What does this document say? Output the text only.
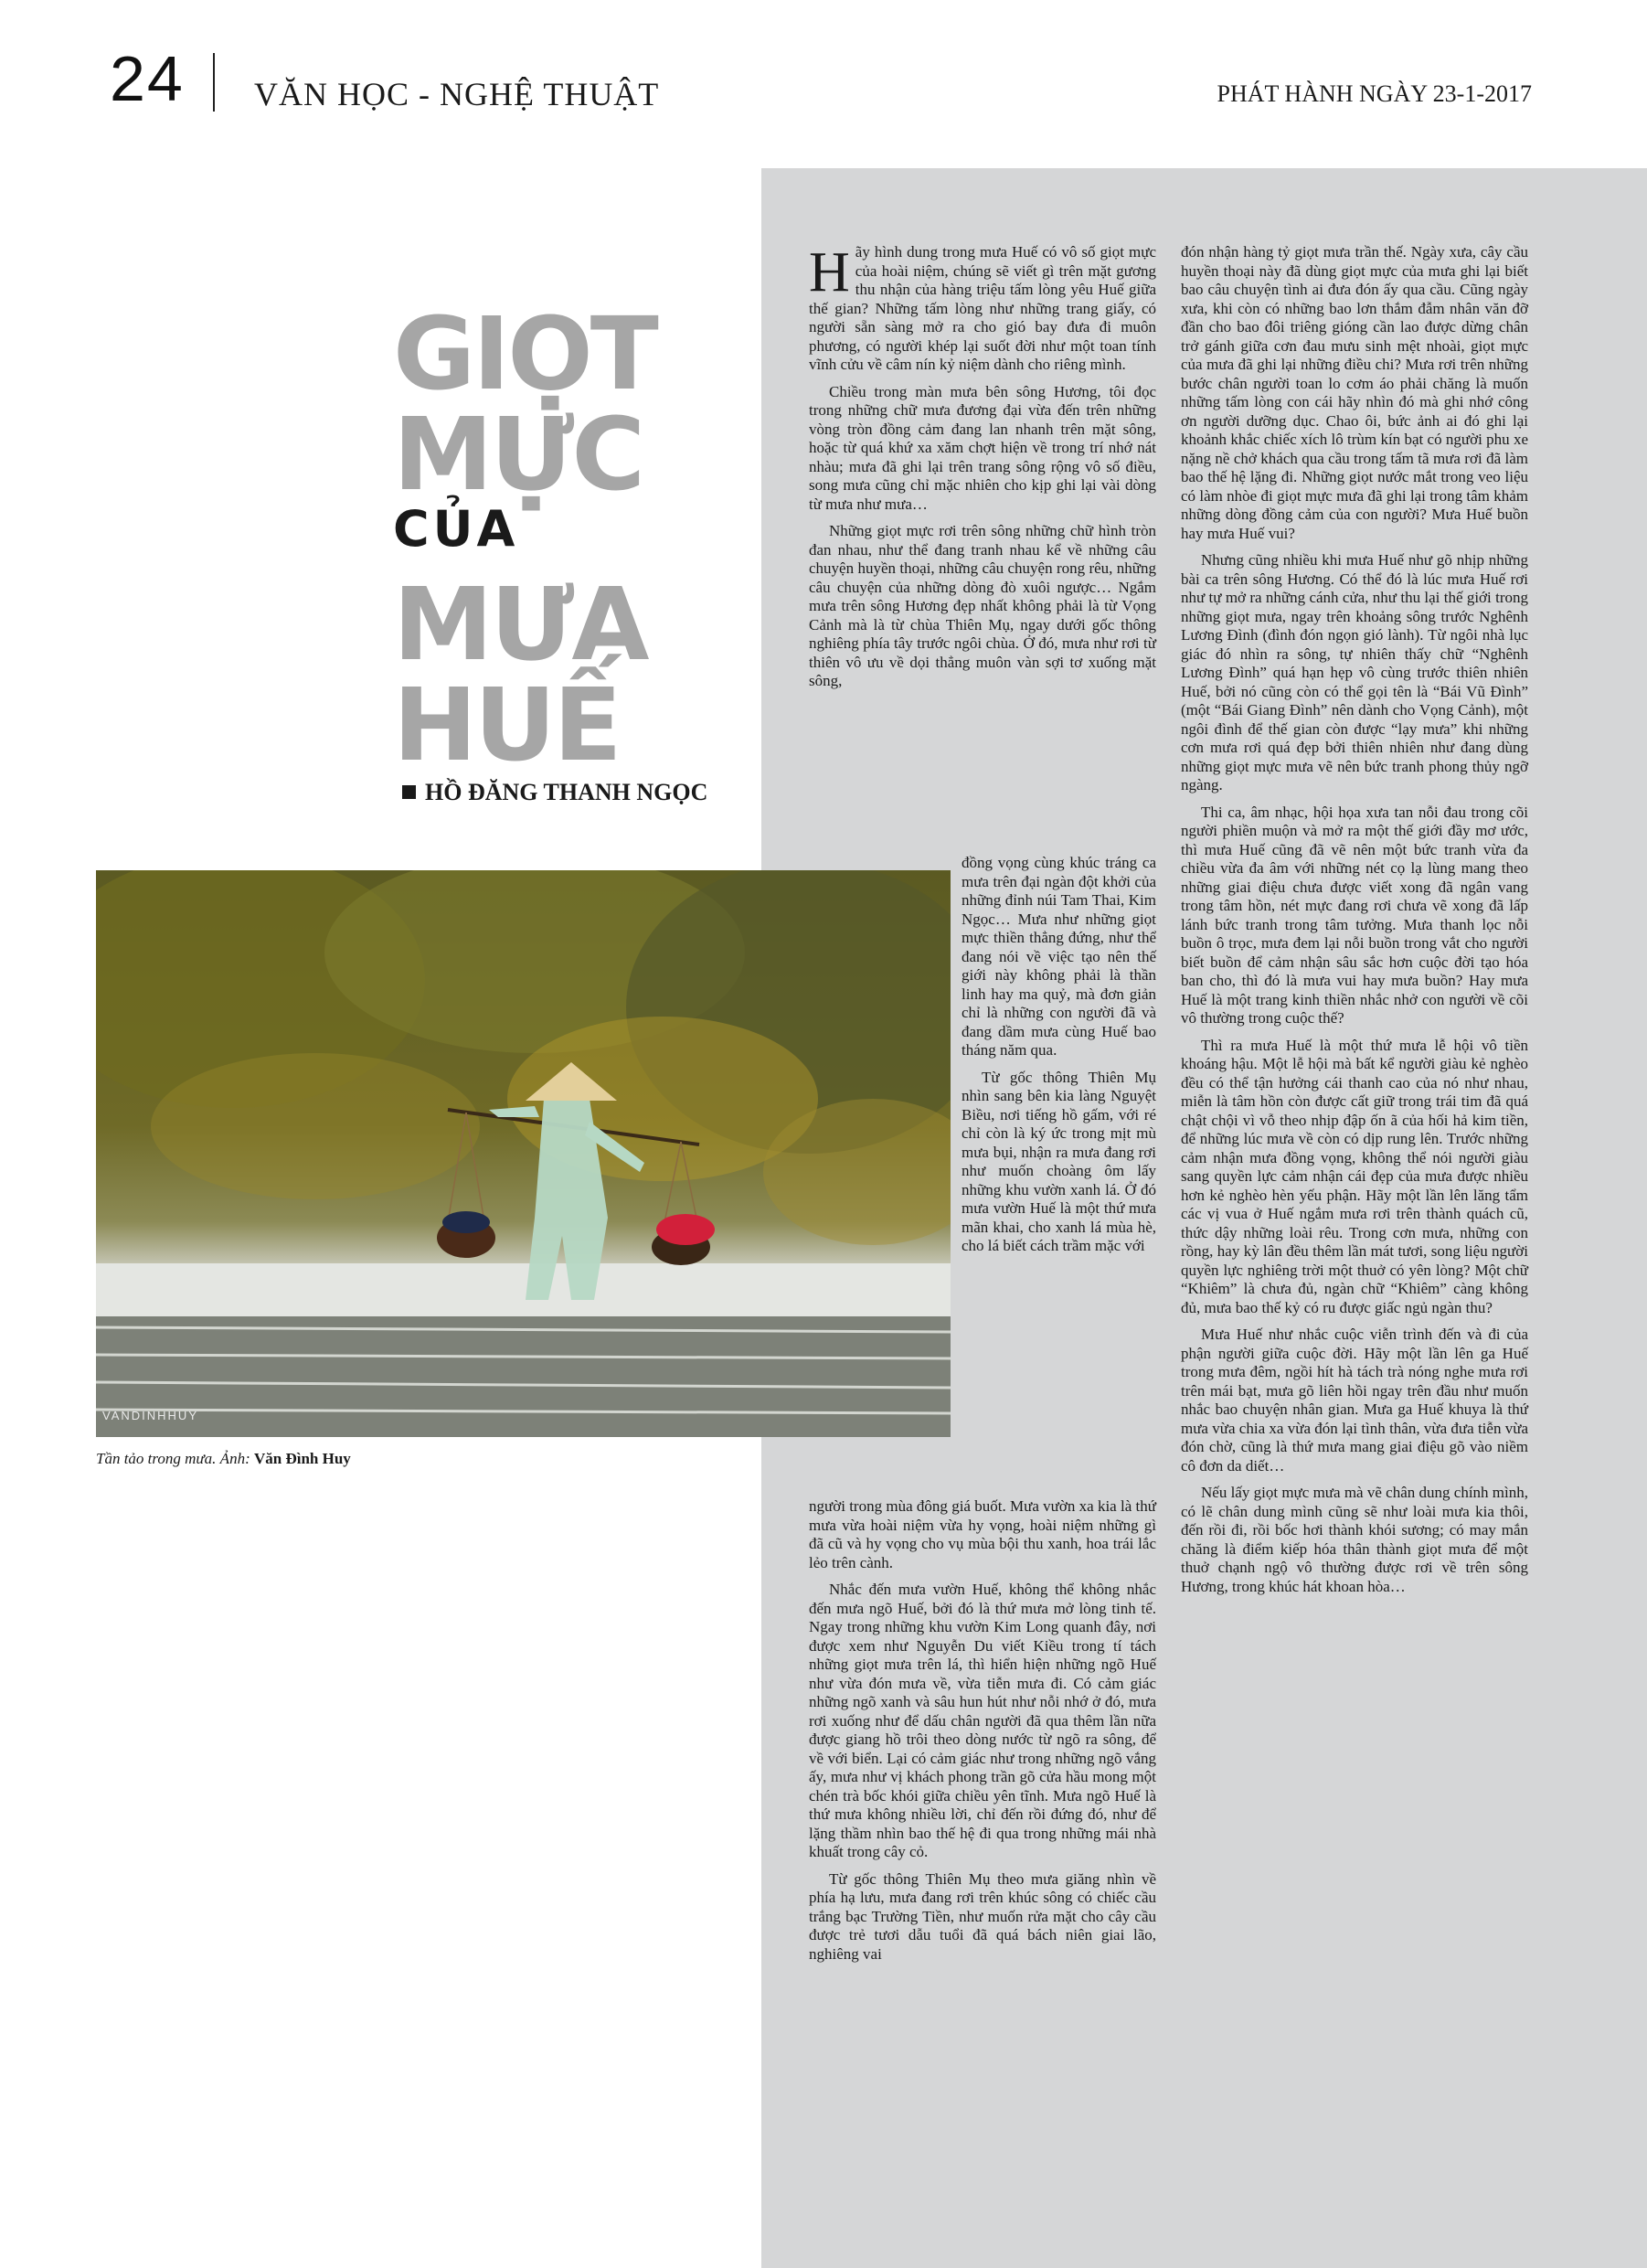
24 VĂN HỌC - NGHỆ THUẬT	PHÁT HÀNH NGÀY 23-1-2017
GIỌT
MỰC
CỦA
MƯA
HUẾ
HỒ ĐĂNG THANH NGỌC
VANDINHHUY
Tần tảo trong mưa. Ảnh: Văn Đình Huy
H ãy hình dung trong mưa Huế có vô số giọt mực của hoài niệm, chúng sẽ viết gì trên mặt gương thu nhận của hàng triệu tấm lòng yêu Huế giữa thế gian? Những tấm lòng như những trang giấy, có người sẵn sàng mở ra cho gió bay đưa đi muôn phương, có người khép lại suốt đời như một toan tính vĩnh cửu về câm nín kỷ niệm dành cho riêng mình.

Chiều trong màn mưa bên sông Hương, tôi đọc trong những chữ mưa đương đại vừa đến trên những vòng tròn đồng cảm đang lan nhanh trên mặt sông, hoặc từ quá khứ xa xăm chợt hiện về trong trí nhớ nát nhàu; mưa đã ghi lại trên trang sông rộng vô số điều, song mưa cũng chỉ mặc nhiên cho kịp ghi lại vài dòng từ mưa như mưa…

Những giọt mực rơi trên sông những chữ hình tròn đan nhau, như thể đang tranh nhau kể về những câu chuyện huyền thoại, những câu chuyện rong rêu, những câu chuyện của những dòng đò xuôi ngược… Ngắm mưa trên sông Hương đẹp nhất không phải là từ Vọng Cảnh mà là từ chùa Thiên Mụ, ngay dưới gốc thông nghiêng phía tây trước ngôi chùa. Ở đó, mưa như rơi từ thiên vô ưu về dọi thẳng muôn vàn sợi tơ xuống mặt sông,

đồng vọng cùng khúc tráng ca mưa trên đại ngàn đột khởi của những đỉnh núi Tam Thai, Kim Ngọc… Mưa như những giọt mực thiền thẳng đứng, như thể đang nói về việc tạo nên thế giới này không phải là thần linh hay ma quỷ, mà đơn giản chỉ là những con người đã và đang dầm mưa cùng Huế bao tháng năm qua.

Từ gốc thông Thiên Mụ nhìn sang bên kia làng Nguyệt Biều, nơi tiếng hồ gấm, với ré chỉ còn là ký ức trong mịt mù mưa bụi, nhận ra mưa đang rơi như muốn choàng ôm lấy những khu vườn xanh lá. Ở đó mưa vườn Huế là một thứ mưa mãn khai, cho xanh lá mùa hè, cho lá biết cách trầm mặc với

người trong mùa đông giá buốt. Mưa vườn xa kia là thứ mưa vừa hoài niệm vừa hy vọng, hoài niệm những gì đã cũ và hy vọng cho vụ mùa bội thu xanh, hoa trái lắc lẻo trên cành.

Nhắc đến mưa vườn Huế, không thể không nhắc đến mưa ngõ Huế, bởi đó là thứ mưa mở lòng tinh tế. Ngay trong những khu vườn Kim Long quanh đây, nơi được xem như Nguyễn Du viết Kiều trong tí tách những giọt mưa trên lá, thì hiển hiện những ngõ Huế như vừa đón mưa về, vừa tiễn mưa đi. Có cảm giác những ngõ xanh và sâu hun hút như nỗi nhớ ở đó, mưa rơi xuống như để dấu chân người đã qua thêm lần nữa được giang hồ trôi theo dòng nước từ ngõ ra sông, để về với biển. Lại có cảm giác như trong những ngõ vắng ấy, mưa như vị khách phong trần gõ cửa hầu mong một chén trà bốc khói giữa chiều yên tĩnh. Mưa ngõ Huế là thứ mưa không nhiều lời, chỉ đến rồi đứng đó, như để lặng thầm nhìn bao thế hệ đi qua trong những mái nhà khuất trong cây cỏ.

Từ gốc thông Thiên Mụ theo mưa giăng nhìn về phía hạ lưu, mưa đang rơi trên khúc sông có chiếc cầu trắng bạc Trường Tiền, như muốn rửa mặt cho cây cầu được trẻ tươi dẫu tuổi đã quá bách niên giai lão, nghiêng vai

đón nhận hàng tỷ giọt mưa trần thế. Ngày xưa, cây cầu huyền thoại này đã dùng giọt mực của mưa ghi lại biết bao câu chuyện tình ai đưa đón ấy qua cầu. Cũng ngày xưa, khi còn có những bao lơn thắm đẫm nhân văn đỡ đần cho bao đôi triêng gióng cần lao được dừng chân trở gánh giữa cơn đau mưu sinh mệt nhoài, giọt mực của mưa đã ghi lại những điều chi? Mưa rơi trên những bước chân người toan lo cơm áo phải chăng là muốn những tấm lòng con cái hãy nhìn đó mà ghi nhớ công ơn người dưỡng dục. Chao ôi, bức ảnh ai đó ghi lại khoảnh khắc chiếc xích lô trùm kín bạt có người phu xe nặng nề chở khách qua cầu trong tấm tã mưa rơi đã làm bao thế hệ lặng đi. Những giọt nước mắt trong veo liệu có làm nhòe đi giọt mực mưa đã ghi lại trong tâm khảm những dòng đồng cảm của con người? Mưa Huế buồn hay mưa Huế vui?

Nhưng cũng nhiều khi mưa Huế như gõ nhịp những bài ca trên sông Hương. Có thể đó là lúc mưa Huế rơi như tự mở ra những cánh cửa, như thu lại thế giới trong những giọt mưa, ngay trên khoảng sông trước Nghênh Lương Đình (đình đón ngọn gió lành). Từ ngôi nhà lục giác đó nhìn ra sông, tự nhiên thấy chữ “Nghênh Lương Đình” quá hạn hẹp vô cùng trước thiên nhiên Huế, bởi nó cũng còn có thể gọi tên là “Bái Vũ Đình” (một “Bái Giang Đình” nên dành cho Vọng Cảnh), một ngôi đình để thế gian còn được “lạy mưa” khi những cơn mưa rơi quá đẹp bởi thiên nhiên như đang dùng những giọt mực mưa vẽ nên bức tranh phong thủy ngỡ ngàng.

Thi ca, âm nhạc, hội họa xưa tan nỗi đau trong cõi người phiền muộn và mở ra một thế giới đầy mơ ước, thì mưa Huế cũng đã vẽ nên một bức tranh vừa đa chiều vừa đa âm với những nét cọ lạ lùng mang theo những giai điệu chưa được viết xong đã ngân vang trong tâm hồn, nét mực đang rơi chưa vẽ xong đã lấp lánh bức tranh trong tâm tưởng. Mưa thanh lọc nỗi buồn ô trọc, mưa đem lại nỗi buồn trong vắt cho người biết buồn để cảm nhận sâu sắc hơn cuộc đời tạo hóa ban cho, thì đó là mưa vui hay mưa buồn? Hay mưa Huế là một trang kinh thiền nhắc nhở con người về cõi vô thường trong cuộc thế?

Thì ra mưa Huế là một thứ mưa lễ hội vô tiền khoáng hậu. Một lễ hội mà bất kể người giàu kẻ nghèo đều có thể tận hưởng cái thanh cao của nó như nhau, miễn là tâm hồn còn được cất giữ trong trái tim đã quá chật chội vì vỗ theo nhịp đập ốn ã của hối hả kim tiền, để những lúc mưa về còn có dịp rung lên. Trước những cảm nhận mưa đồng vọng, không thể nói người giàu sang quyền lực cảm nhận cái đẹp của mưa được nhiều hơn kẻ nghèo hèn yếu phận. Hãy một lần lên lăng tẩm các vị vua ở Huế ngắm mưa rơi trên thành quách cũ, thức dậy những loài rêu. Trong cơn mưa, những con rồng, hay kỳ lân đều thêm lần mát tươi, song liệu người quyền lực nghiêng trời một thuở có yên lòng? Một chữ “Khiêm” là chưa đủ, ngàn chữ “Khiêm” càng không đủ, mưa bao thế kỷ có ru được giấc ngủ ngàn thu?

Mưa Huế như nhắc cuộc viễn trình đến và đi của phận người giữa cuộc đời. Hãy một lần lên ga Huế trong mưa đêm, ngồi hít hà tách trà nóng nghe mưa rơi trên mái bạt, mưa gõ liên hồi ngay trên đầu như muốn nhắc bao chuyện nhân gian. Mưa ga Huế khuya là thứ mưa vừa chia xa vừa đón lại tình thân, vừa đưa tiễn vừa đón chờ, cũng là thứ mưa mang giai điệu gõ vào niềm cô đơn da diết…

Nếu lấy giọt mực mưa mà vẽ chân dung chính mình, có lẽ chân dung mình cũng sẽ như loài mưa kia thôi, đến rồi đi, rồi bốc hơi thành khói sương; có may mắn chăng là điểm kiếp hóa thân thành giọt mưa để một thuở chạnh ngộ vô thường được rơi về trên sông Hương, trong khúc hát khoan hòa…
